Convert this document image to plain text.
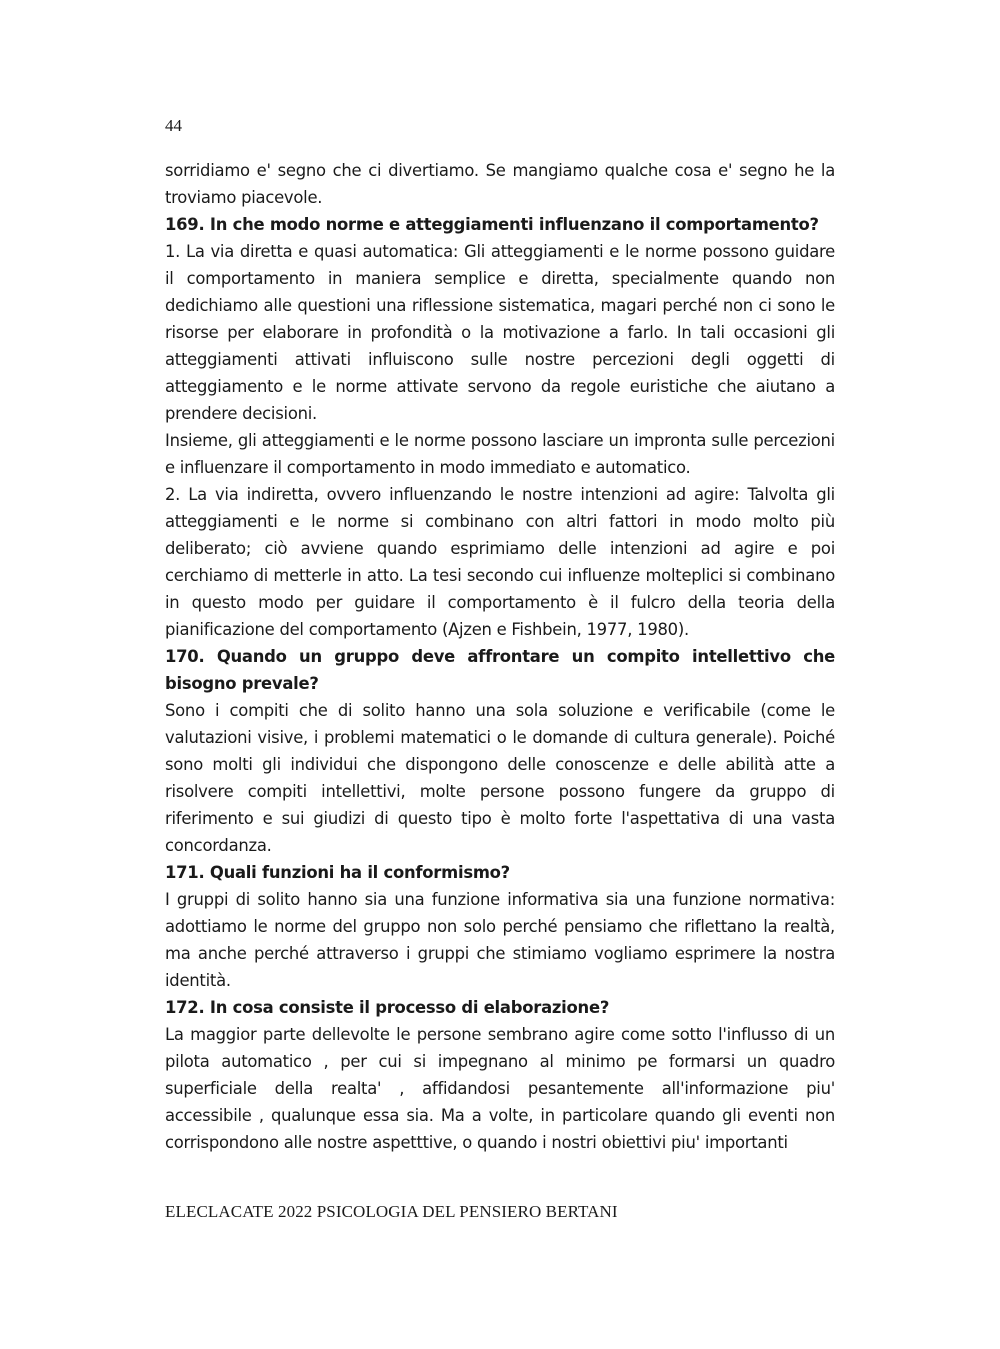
44

sorridiamo e' segno che ci divertiamo. Se mangiamo qualche cosa e' segno he la troviamo piacevole.

169. In che modo norme e atteggiamenti influenzano il comportamento?

1. La via diretta e quasi automatica: Gli atteggiamenti e le norme possono guidare il comportamento in maniera semplice e diretta, specialmente quando non dedichiamo alle questioni una riflessione sistematica, magari perché non ci sono le risorse per elaborare in profondità o la motivazione a farlo. In tali occasioni gli atteggiamenti attivati influiscono sulle nostre percezioni degli oggetti di atteggiamento e le norme attivate servono da regole euristiche che aiutano a prendere decisioni.

Insieme, gli atteggiamenti e le norme possono lasciare un impronta sulle percezioni e influenzare il comportamento in modo immediato e automatico.

2. La via indiretta, ovvero influenzando le nostre intenzioni ad agire: Talvolta gli atteggiamenti e le norme si combinano con altri fattori in modo molto più deliberato; ciò avviene quando esprimiamo delle intenzioni ad agire e poi cerchiamo di metterle in atto. La tesi secondo cui influenze molteplici si combinano in questo modo per guidare il comportamento è il fulcro della teoria della pianificazione del comportamento (Ajzen e Fishbein, 1977, 1980).

170. Quando un gruppo deve affrontare un compito intellettivo che bisogno prevale?

Sono i compiti che di solito hanno una sola soluzione e verificabile (come le valutazioni visive, i problemi matematici o le domande di cultura generale). Poiché sono molti gli individui che dispongono delle conoscenze e delle abilità atte a risolvere compiti intellettivi, molte persone possono fungere da gruppo di riferimento e sui giudizi di questo tipo è molto forte l'aspettativa di una vasta concordanza.

171. Quali funzioni ha il conformismo?

I gruppi di solito hanno sia una funzione informativa sia una funzione normativa: adottiamo le norme del gruppo non solo perché pensiamo che riflettano la realtà, ma anche perché attraverso i gruppi che stimiamo vogliamo esprimere la nostra identità.

172. In cosa consiste il processo di elaborazione?

La maggior parte dellevolte le persone sembrano agire come sotto l'influsso di un pilota automatico , per cui si impegnano al minimo pe formarsi un quadro superficiale della realta' , affidandosi pesantemente all'informazione piu' accessibile , qualunque essa sia. Ma a volte, in particolare quando gli eventi non corrispondono alle nostre aspetttive, o quando i nostri obiettivi piu' importanti

ELECLACATE 2022 PSICOLOGIA DEL PENSIERO BERTANI
